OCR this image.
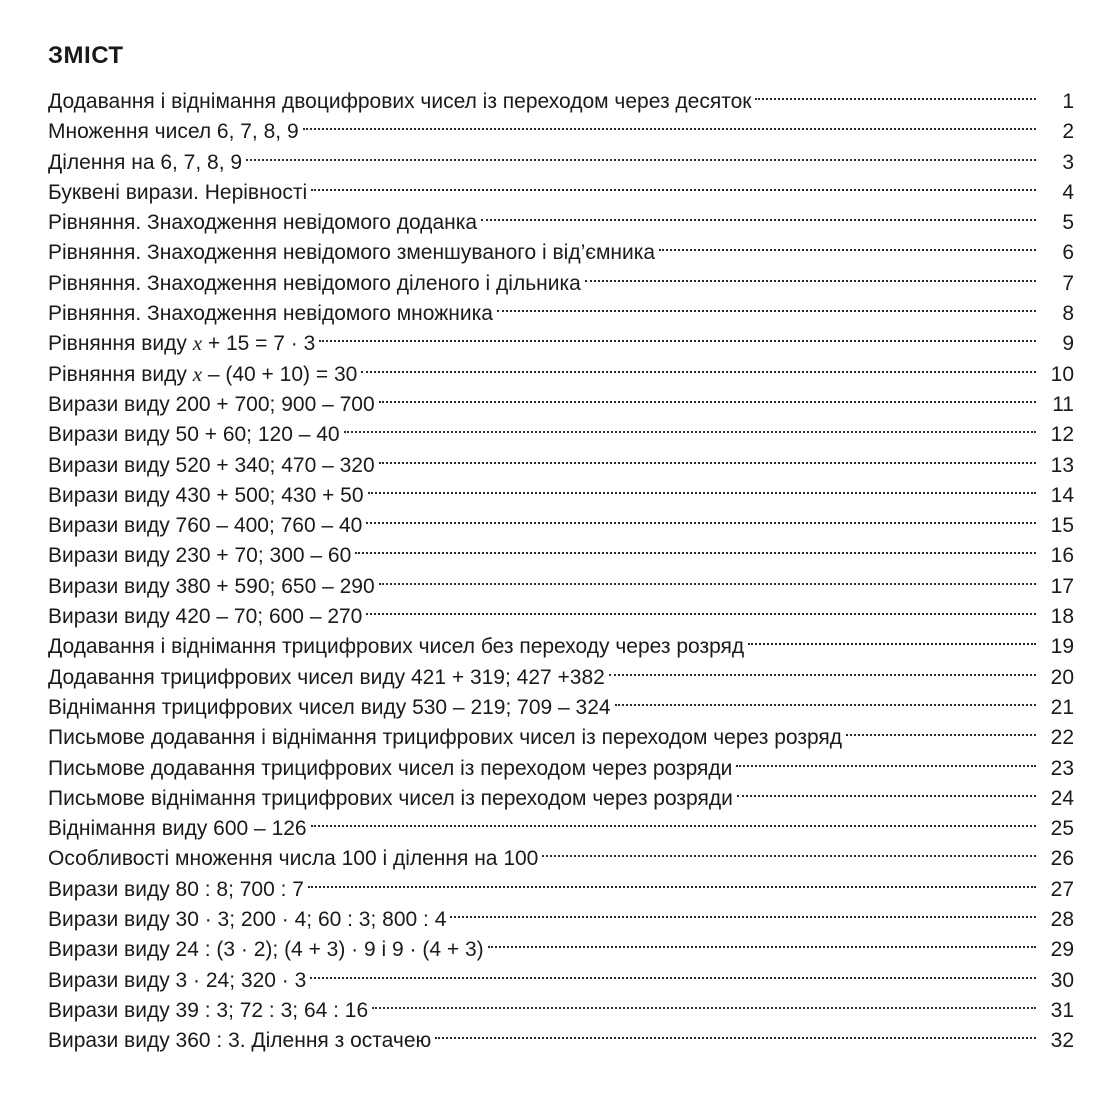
ЗМІСТ
Додавання і віднімання двоцифрових чисел із переходом через десяток	1
Множення чисел 6, 7, 8, 9	2
Ділення на 6, 7, 8, 9	3
Буквені вирази. Нерівності	4
Рівняння. Знаходження невідомого доданка	5
Рівняння. Знаходження невідомого зменшуваного і від’ємника	6
Рівняння. Знаходження невідомого діленого і дільника	7
Рівняння. Знаходження невідомого множника	8
Рівняння виду x + 15 = 7 · 3	9
Рівняння виду x – (40 + 10) = 30	10
Вирази виду 200 + 700; 900 – 700	11
Вирази виду 50 + 60; 120 – 40	12
Вирази виду 520 + 340; 470 – 320	13
Вирази виду 430 + 500; 430 + 50	14
Вирази виду 760 – 400; 760 – 40	15
Вирази виду 230 + 70; 300 – 60	16
Вирази виду 380 + 590; 650 – 290	17
Вирази виду 420 – 70; 600 – 270	18
Додавання і віднімання трицифрових чисел без переходу через розряд	19
Додавання трицифрових чисел виду 421 + 319; 427 +382	20
Віднімання трицифрових чисел виду 530 – 219; 709 – 324	21
Письмове додавання і віднімання трицифрових чисел із переходом через розряд	22
Письмове додавання трицифрових чисел із переходом через розряди	23
Письмове віднімання трицифрових чисел із переходом через розряди	24
Віднімання виду 600 – 126	25
Особливості множення числа 100 і ділення на 100	26
Вирази виду 80 : 8; 700 : 7	27
Вирази виду 30 · 3; 200 · 4; 60 : 3; 800 : 4	28
Вирази виду 24 : (3 · 2); (4 + 3) · 9 і 9 · (4 + 3)	29
Вирази виду 3 · 24; 320 · 3	30
Вирази виду 39 : 3; 72 : 3; 64 : 16	31
Вирази виду 360 : 3. Ділення з остачею	32
